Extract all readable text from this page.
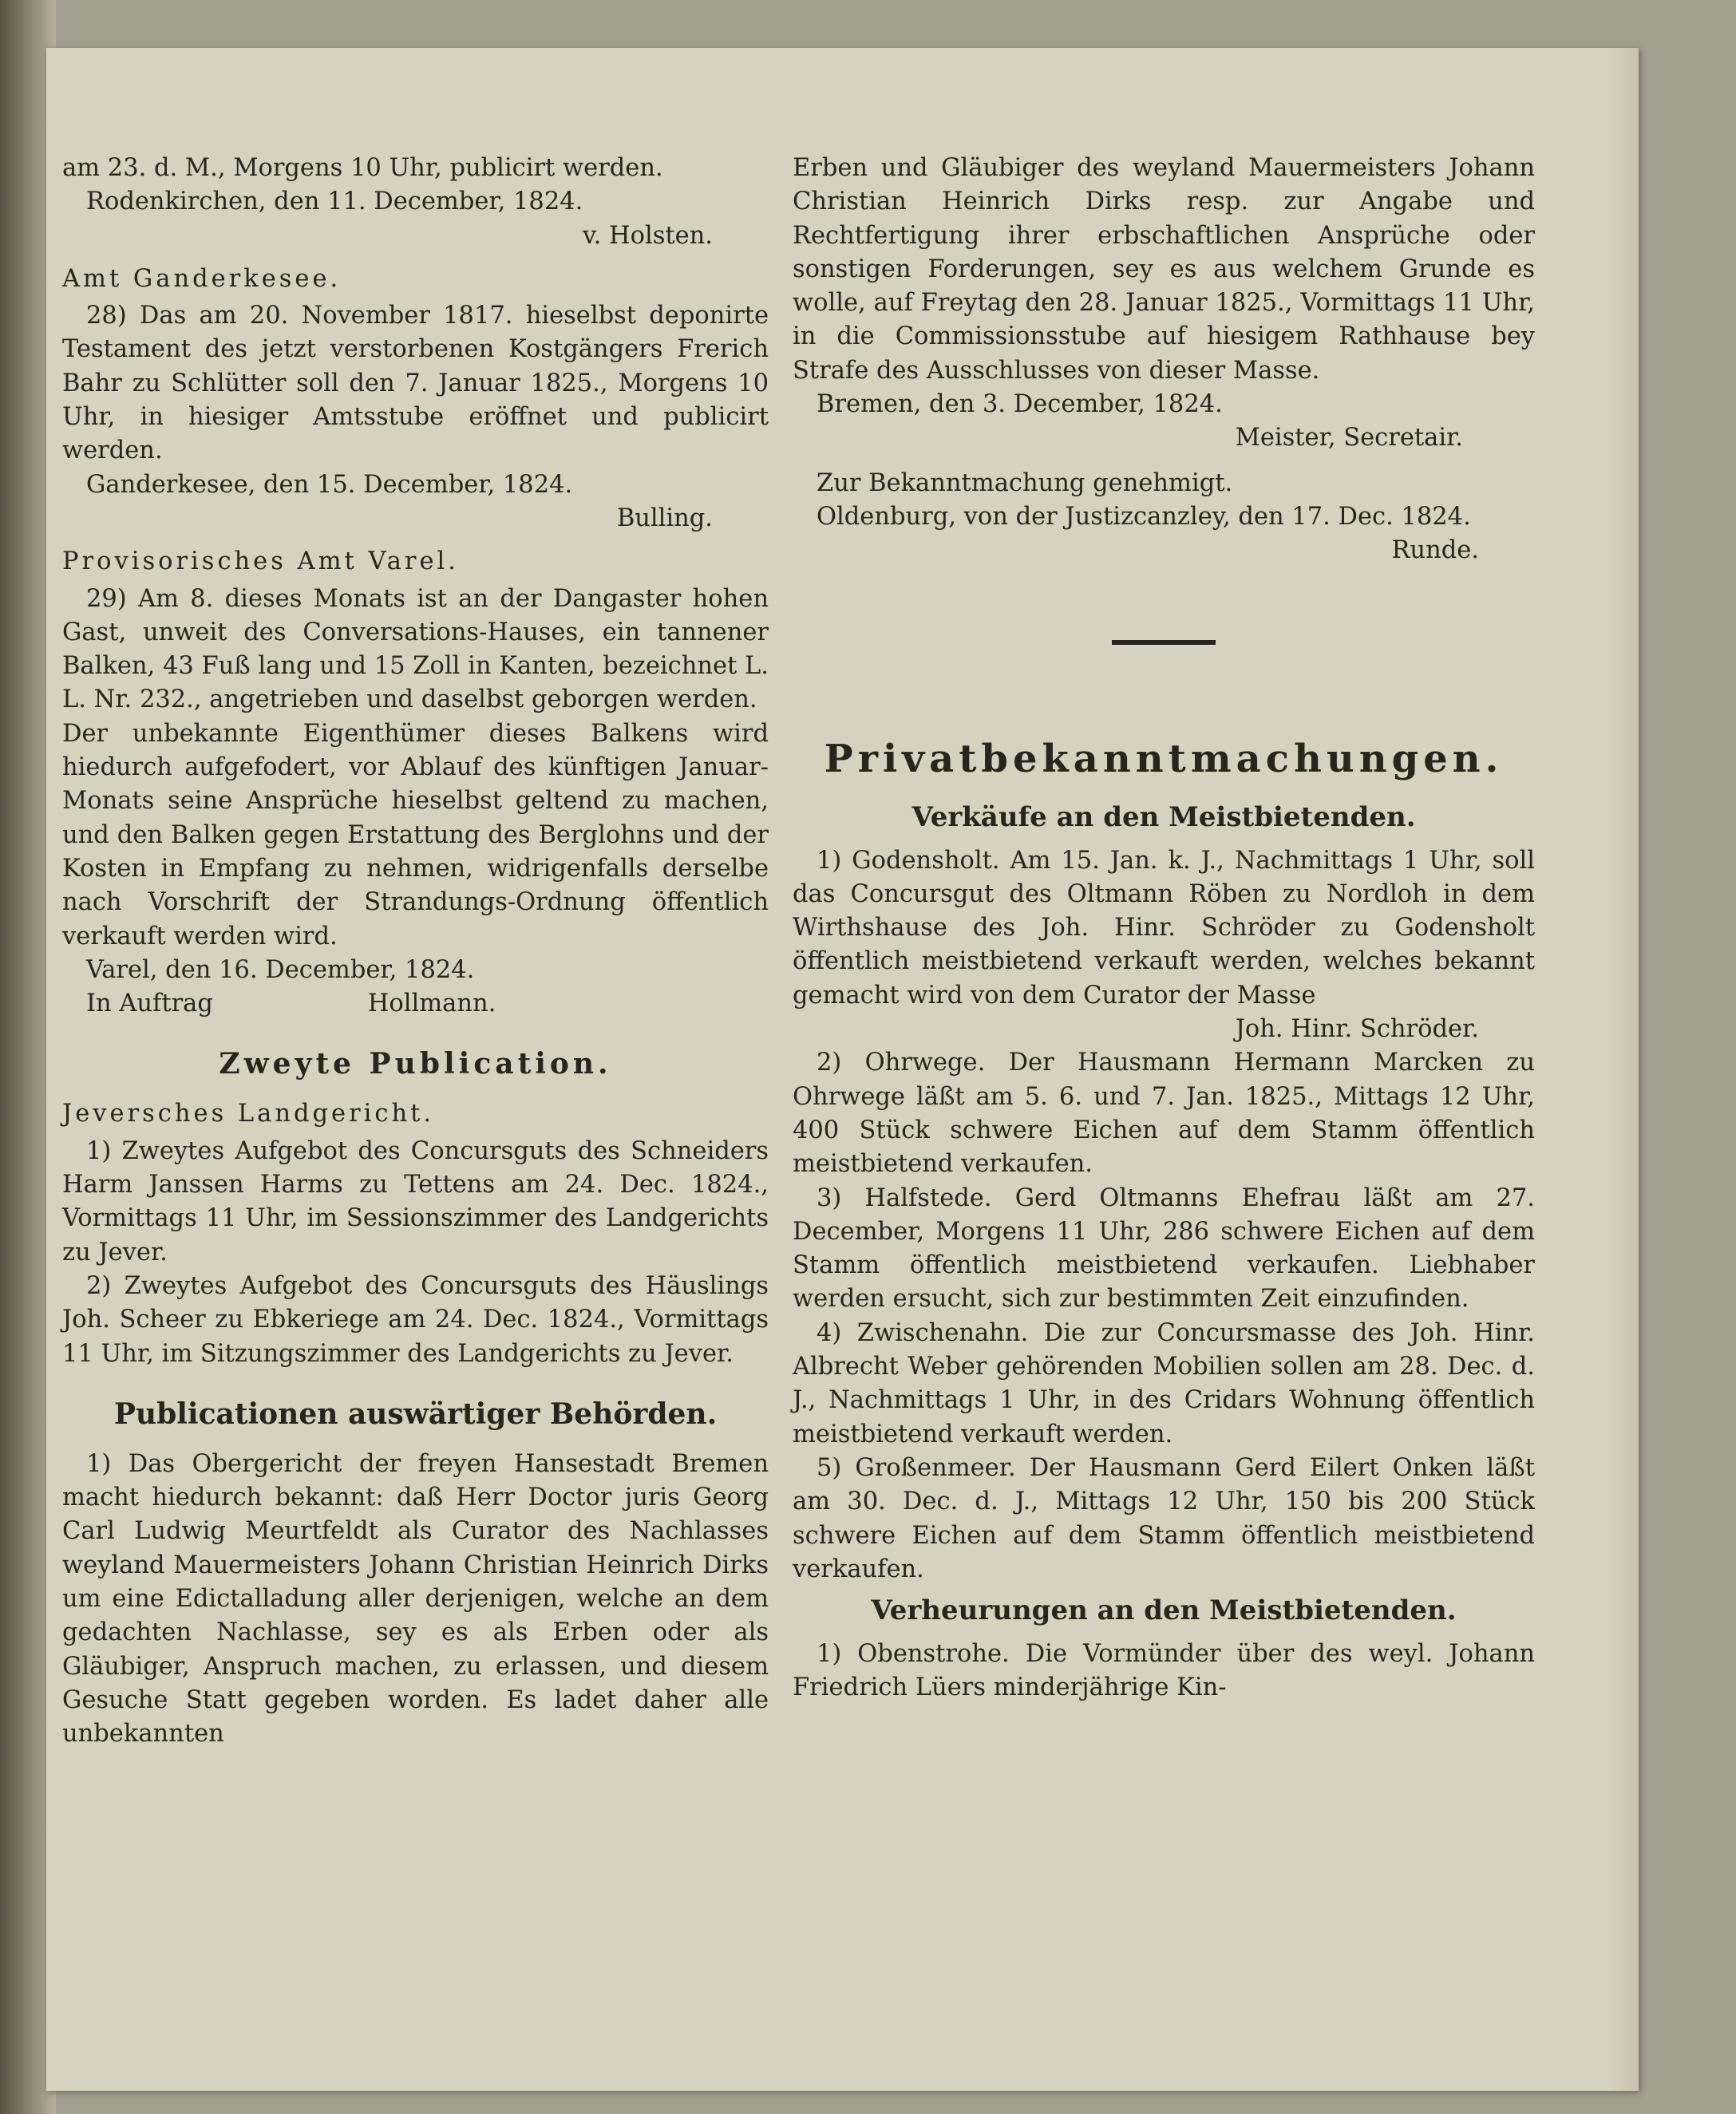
am 23. d. M., Morgens 10 Uhr, publicirt werden.

Rodenkirchen, den 11. December, 1824.

v. Holsten.

Amt Ganderkesee.

28) Das am 20. November 1817. hieselbst deponirte Testament des jetzt verstorbenen Kostgängers Frerich Bahr zu Schlütter soll den 7. Januar 1825., Morgens 10 Uhr, in hiesiger Amtsstube eröffnet und publicirt werden.

Ganderkesee, den 15. December, 1824.

Bulling.

Provisorisches Amt Varel.

29) Am 8. dieses Monats ist an der Dangaster hohen Gast, unweit des Conversations-Hauses, ein tannener Balken, 43 Fuß lang und 15 Zoll in Kanten, bezeichnet L. L. Nr. 232., angetrieben und daselbst geborgen werden.

Der unbekannte Eigenthümer dieses Balkens wird hiedurch aufgefodert, vor Ablauf des künftigen Januar-Monats seine Ansprüche hieselbst geltend zu machen, und den Balken gegen Erstattung des Berglohns und der Kosten in Empfang zu nehmen, widrigenfalls derselbe nach Vorschrift der Strandungs-Ordnung öffentlich verkauft werden wird.

Varel, den 16. December, 1824.

In Auftrag                    Hollmann.

Zweyte Publication.

Jeversches Landgericht.

1) Zweytes Aufgebot des Concursguts des Schneiders Harm Janssen Harms zu Tettens am 24. Dec. 1824., Vormittags 11 Uhr, im Sessionszimmer des Landgerichts zu Jever.

2) Zweytes Aufgebot des Concursguts des Häuslings Joh. Scheer zu Ebkeriege am 24. Dec. 1824., Vormittags 11 Uhr, im Sitzungszimmer des Landgerichts zu Jever.

Publicationen auswärtiger Behörden.

1) Das Obergericht der freyen Hansestadt Bremen macht hiedurch bekannt: daß Herr Doctor juris Georg Carl Ludwig Meurtfeldt als Curator des Nachlasses weyland Mauermeisters Johann Christian Heinrich Dirks um eine Edictalladung aller derjenigen, welche an dem gedachten Nachlasse, sey es als Erben oder als Gläubiger, Anspruch machen, zu erlassen, und diesem Gesuche Statt gegeben worden. Es ladet daher alle unbekannten

Erben und Gläubiger des weyland Mauermeisters Johann Christian Heinrich Dirks resp. zur Angabe und Rechtfertigung ihrer erbschaftlichen Ansprüche oder sonstigen Forderungen, sey es aus welchem Grunde es wolle, auf Freytag den 28. Januar 1825., Vormittags 11 Uhr, in die Commissionsstube auf hiesigem Rathhause bey Strafe des Ausschlusses von dieser Masse.

Bremen, den 3. December, 1824.

Meister, Secretair.

Zur Bekanntmachung genehmigt.

Oldenburg, von der Justizcanzley, den 17. Dec. 1824.

Runde.

Privatbekanntmachungen.
Verkäufe an den Meistbietenden.

1) Godensholt. Am 15. Jan. k. J., Nachmittags 1 Uhr, soll das Concursgut des Oltmann Röben zu Nordloh in dem Wirthshause des Joh. Hinr. Schröder zu Godensholt öffentlich meistbietend verkauft werden, welches bekannt gemacht wird von dem Curator der Masse

Joh. Hinr. Schröder.

2) Ohrwege. Der Hausmann Hermann Marcken zu Ohrwege läßt am 5. 6. und 7. Jan. 1825., Mittags 12 Uhr, 400 Stück schwere Eichen auf dem Stamm öffentlich meistbietend verkaufen.

3) Halfstede. Gerd Oltmanns Ehefrau läßt am 27. December, Morgens 11 Uhr, 286 schwere Eichen auf dem Stamm öffentlich meistbietend verkaufen. Liebhaber werden ersucht, sich zur bestimmten Zeit einzufinden.

4) Zwischenahn. Die zur Concursmasse des Joh. Hinr. Albrecht Weber gehörenden Mobilien sollen am 28. Dec. d. J., Nachmittags 1 Uhr, in des Cridars Wohnung öffentlich meistbietend verkauft werden.

5) Großenmeer. Der Hausmann Gerd Eilert Onken läßt am 30. Dec. d. J., Mittags 12 Uhr, 150 bis 200 Stück schwere Eichen auf dem Stamm öffentlich meistbietend verkaufen.

Verheurungen an den Meistbietenden.

1) Obenstrohe. Die Vormünder über des weyl. Johann Friedrich Lüers minderjährige Kin-
